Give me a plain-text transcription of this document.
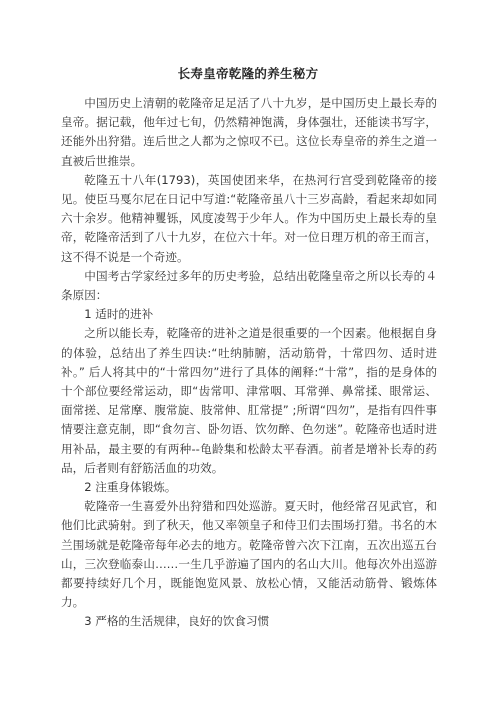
长寿皇帝乾隆的养生秘方

中国历史上清朝的乾隆帝足足活了八十九岁，是中国历史上最长寿的皇帝。据记载，他年过七旬，仍然精神饱满，身体强壮，还能读书写字，还能外出狩猎。连后世之人都为之惊叹不已。这位长寿皇帝的养生之道一直被后世推崇。

乾隆五十八年(1793)，英国使团来华，在热河行宫受到乾隆帝的接见。使臣马戛尔尼在日记中写道:“乾隆帝虽八十三岁高龄，看起来却如同六十余岁。他精神矍铄，风度凌驾于少年人。作为中国历史上最长寿的皇帝，乾隆帝活到了八十九岁，在位六十年。对一位日理万机的帝王而言，这不得不说是一个奇迹。

中国考古学家经过多年的历史考验，总结出乾隆皇帝之所以长寿的４条原因：

1 适时的进补

之所以能长寿，乾隆帝的进补之道是很重要的一个因素。他根据自身的体验，总结出了养生四诀:“吐纳肺腑，活动筋骨，十常四勿、适时进补。” 后人将其中的“十常四勿”进行了具体的阐释:“十常”，指的是身体的十个部位要经常运动，即“齿常叩、津常咽、耳常弹、鼻常揉、眼常运、面常搓、足常摩、腹常旋、肢常伸、肛常提” ;所谓“四勿”，是指有四件事情要注意克制，即“食勿言、卧勿语、饮勿醉、色勿迷”。乾隆帝也适时进用补品，最主要的有两种--龟龄集和松龄太平春酒。前者是增补长寿的药品，后者则有舒筋活血的功效。

2 注重身体锻炼。

乾隆帝一生喜爱外出狩猎和四处巡游。夏天时，他经常召见武官，和他们比武骑射。到了秋天，他又率领皇子和侍卫们去围场打猎。书名的木兰围场就是乾隆帝每年必去的地方。乾隆帝曾六次下江南，五次出巡五台山，三次登临泰山……一生几乎游遍了国内的名山大川。他每次外出巡游都要持续好几个月，既能饱览风景、放松心情，又能活动筋骨、锻炼体力。

3 严格的生活规律，良好的饮食习惯
